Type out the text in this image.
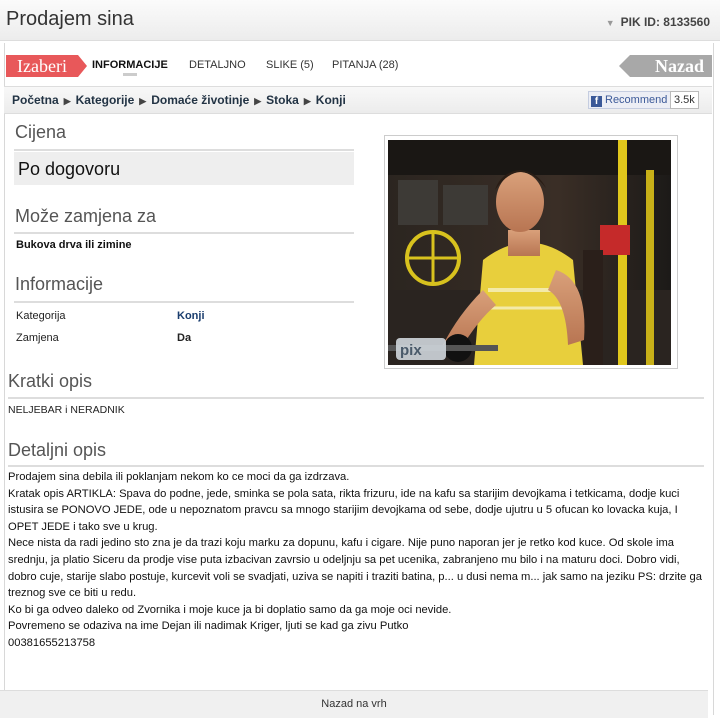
Prodajem sina	▼ PIK ID: 8133560
Izaberi	INFORMACIJE DETALJNO SLIKE (5) PITANJA (28)	Nazad
Početna ▶ Kategorije ▶ Domaće životinje ▶ Stoka ▶ Konji	f Recommend 3.5k
Cijena
Po dogovoru
Može zamjena za
Bukova drva ili zimine
Informacije
Kategorija	Konji
Zamjena	Da
pix
Kratki opis
NELJEBAR i NERADNIK
Detaljni opis

Prodajem sina debila ili poklanjam nekom ko ce moci da ga izdrzava.

Kratak opis ARTIKLA: Spava do podne, jede, sminka se pola sata, rikta frizuru, ide na kafu sa starijim devojkama i tetkicama, dodje kuci istusira se PONOVO JEDE, ode u nepoznatom pravcu sa mnogo starijim devojkama od sebe, dodje ujutru u 5 ofucan ko lovacka kuja, I OPET JEDE i tako sve u krug.

Nece nista da radi jedino sto zna je da trazi koju marku za dopunu, kafu i cigare. Nije puno naporan jer je retko kod kuce. Od skole ima srednju, ja platio Siceru da prodje vise puta izbacivan zavrsio u odeljnju sa pet ucenika, zabranjeno mu bilo i na maturu doci. Dobro vidi, dobro cuje, starije slabo postuje, kurcevit voli se svadjati, uziva se napiti i traziti batina, p... u dusi nema m... jak samo na jeziku PS: drzite ga treznog sve ce biti u redu.

Ko bi ga odveo daleko od Zvornika i moje kuce ja bi doplatio samo da ga moje oci nevide.

Povremeno se odaziva na ime Dejan ili nadimak Kriger, ljuti se kad ga zivu Putko

00381655213758

Nazad na vrh
